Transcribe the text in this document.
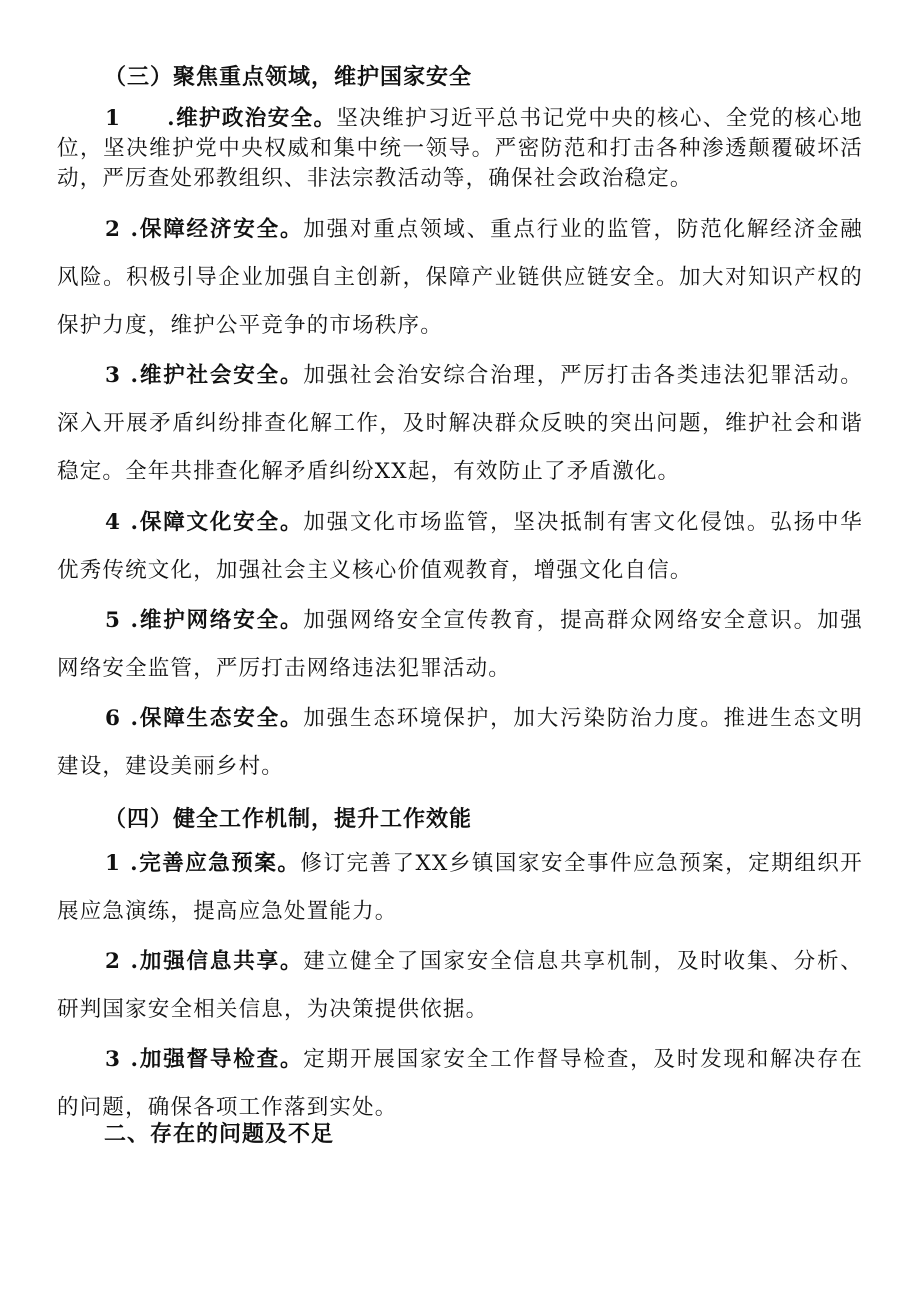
（三）聚焦重点领域，维护国家安全
1　　.维护政治安全。坚决维护习近平总书记党中央的核心、全党的核心地位，坚决维护党中央权威和集中统一领导。严密防范和打击各种渗透颠覆破坏活动，严厉查处邪教组织、非法宗教活动等，确保社会政治稳定。
2 .保障经济安全。加强对重点领域、重点行业的监管，防范化解经济金融风险。积极引导企业加强自主创新，保障产业链供应链安全。加大对知识产权的保护力度，维护公平竞争的市场秩序。
3 .维护社会安全。加强社会治安综合治理，严厉打击各类违法犯罪活动。深入开展矛盾纠纷排查化解工作，及时解决群众反映的突出问题，维护社会和谐稳定。全年共排查化解矛盾纠纷XX起，有效防止了矛盾激化。
4 .保障文化安全。加强文化市场监管，坚决抵制有害文化侵蚀。弘扬中华优秀传统文化，加强社会主义核心价值观教育，增强文化自信。
5 .维护网络安全。加强网络安全宣传教育，提高群众网络安全意识。加强网络安全监管，严厉打击网络违法犯罪活动。
6 .保障生态安全。加强生态环境保护，加大污染防治力度。推进生态文明建设，建设美丽乡村。
（四）健全工作机制，提升工作效能
1 .完善应急预案。修订完善了XX乡镇国家安全事件应急预案，定期组织开展应急演练，提高应急处置能力。
2 .加强信息共享。建立健全了国家安全信息共享机制，及时收集、分析、研判国家安全相关信息，为决策提供依据。
3 .加强督导检查。定期开展国家安全工作督导检查，及时发现和解决存在的问题，确保各项工作落到实处。
二、存在的问题及不足
